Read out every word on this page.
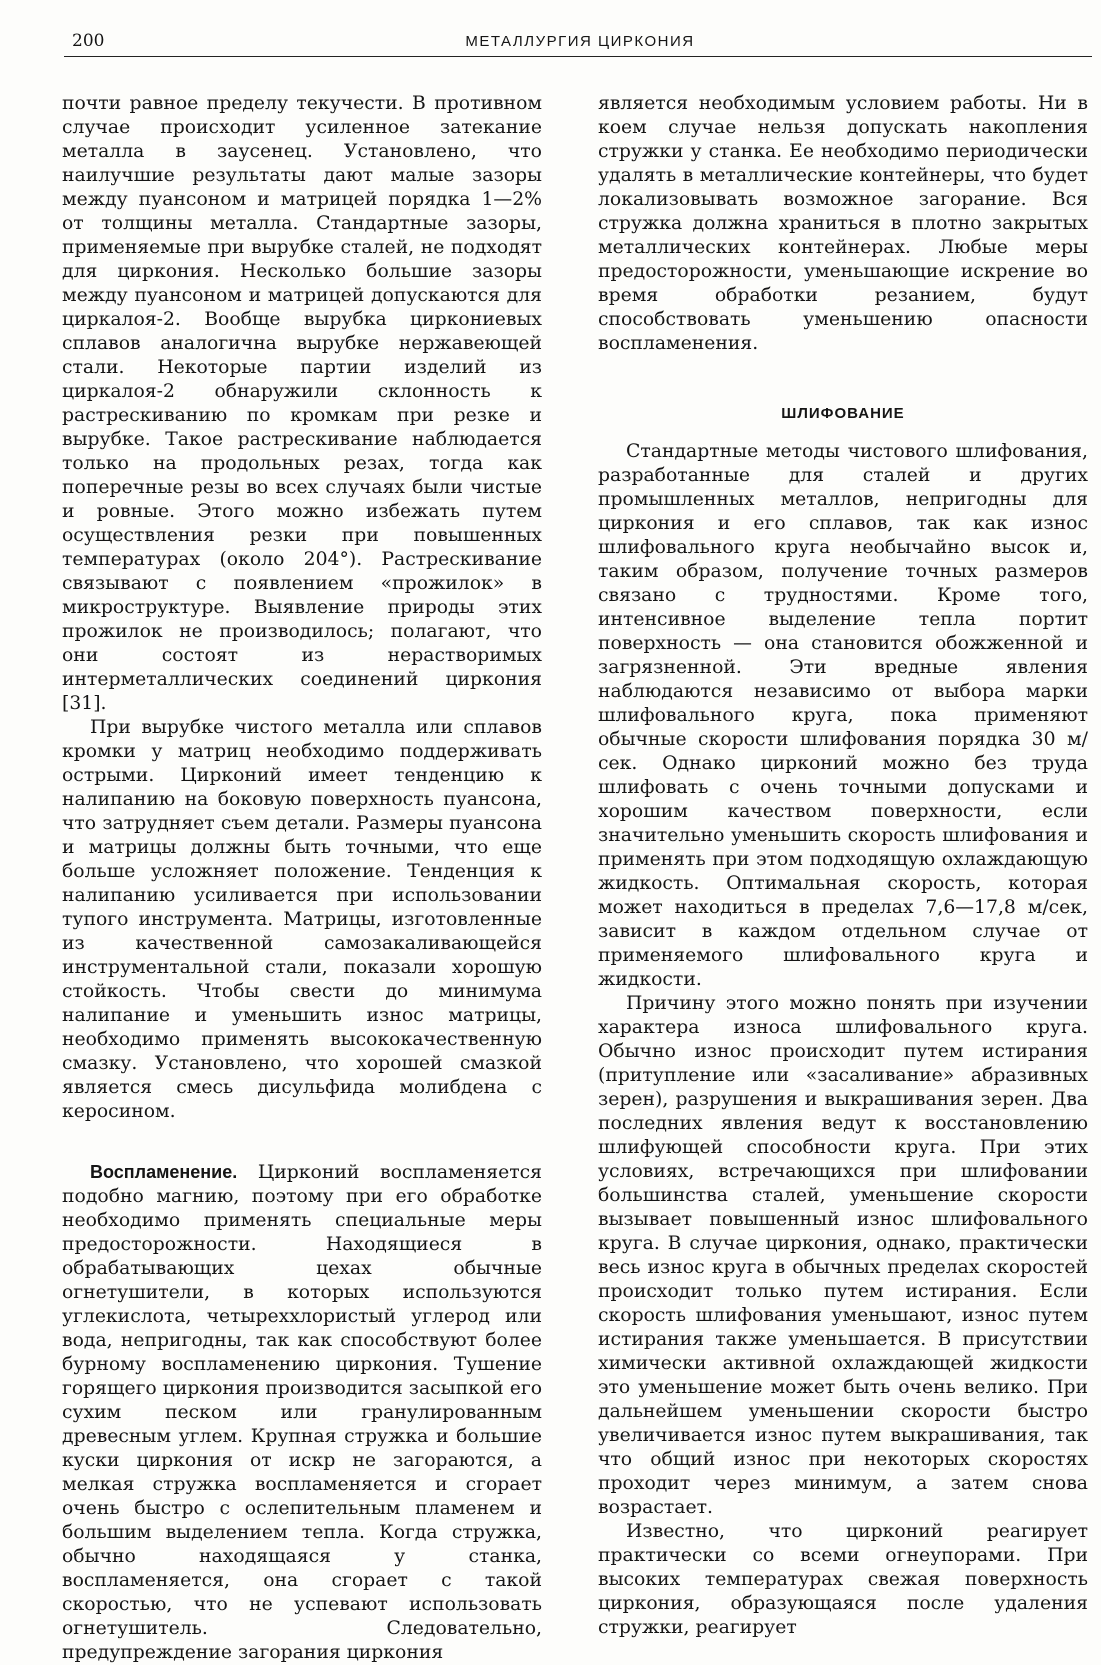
200	МЕТАЛЛУРГИЯ ЦИРКОНИЯ
почти равное пределу текучести. В противном случае происходит усиленное затекание металла в заусенец. Установлено, что наилучшие результаты дают малые зазоры между пуансоном и матрицей порядка 1—2% от толщины металла. Стандартные зазоры, применяемые при вырубке сталей, не подходят для циркония. Несколько большие зазоры между пуансоном и матрицей допускаются для циркалоя-2. Вообще вырубка циркониевых сплавов аналогична вырубке нержавеющей стали. Некоторые партии изделий из циркалоя-2 обнаружили склонность к растрескиванию по кромкам при резке и вырубке. Такое растрескивание наблюдается только на продольных резах, тогда как поперечные резы во всех случаях были чистые и ровные. Этого можно избежать путем осуществления резки при повышенных температурах (около 204°). Растрескивание связывают с появлением «прожилок» в микроструктуре. Выявление природы этих прожилок не производилось; полагают, что они состоят из нерастворимых интерметаллических соединений циркония [31].
При вырубке чистого металла или сплавов кромки у матриц необходимо поддерживать острыми. Цирконий имеет тенденцию к налипанию на боковую поверхность пуансона, что затрудняет съем детали. Размеры пуансона и матрицы должны быть точными, что еще больше усложняет положение. Тенденция к налипанию усиливается при использовании тупого инструмента. Матрицы, изготовленные из качественной самозакаливающейся инструментальной стали, показали хорошую стойкость. Чтобы свести до минимума налипание и уменьшить износ матрицы, необходимо применять высококачественную смазку. Установлено, что хорошей смазкой является смесь дисульфида молибдена с керосином.
Воспламенение. Цирконий воспламеняется подобно магнию, поэтому при его обработке необходимо применять специальные меры предосторожности. Находящиеся в обрабатывающих цехах обычные огнетушители, в которых используются углекислота, четыреххлористый углерод или вода, непригодны, так как способствуют более бурному воспламенению циркония. Тушение горящего циркония производится засыпкой его сухим песком или гранулированным древесным углем. Крупная стружка и большие куски циркония от искр не загораются, а мелкая стружка воспламеняется и сгорает очень быстро с ослепительным пламенем и большим выделением тепла. Когда стружка, обычно находящаяся у станка, воспламеняется, она сгорает с такой скоростью, что не успевают использовать огнетушитель. Следовательно, предупреждение загорания циркония
является необходимым условием работы. Ни в коем случае нельзя допускать накопления стружки у станка. Ее необходимо периодически удалять в металлические контейнеры, что будет локализовывать возможное загорание. Вся стружка должна храниться в плотно закрытых металлических контейнерах. Любые меры предосторожности, уменьшающие искрение во время обработки резанием, будут способствовать уменьшению опасности воспламенения.
ШЛИФОВАНИЕ
Стандартные методы чистового шлифования, разработанные для сталей и других промышленных металлов, непригодны для циркония и его сплавов, так как износ шлифовального круга необычайно высок и, таким образом, получение точных размеров связано с трудностями. Кроме того, интенсивное выделение тепла портит поверхность — она становится обожженной и загрязненной. Эти вредные явления наблюдаются независимо от выбора марки шлифовального круга, пока применяют обычные скорости шлифования порядка 30 м/сек. Однако цирконий можно без труда шлифовать с очень точными допусками и хорошим качеством поверхности, если значительно уменьшить скорость шлифования и применять при этом подходящую охлаждающую жидкость. Оптимальная скорость, которая может находиться в пределах 7,6—17,8 м/сек, зависит в каждом отдельном случае от применяемого шлифовального круга и жидкости.
Причину этого можно понять при изучении характера износа шлифовального круга. Обычно износ происходит путем истирания (притупление или «засаливание» абразивных зерен), разрушения и выкрашивания зерен. Два последних явления ведут к восстановлению шлифующей способности круга. При этих условиях, встречающихся при шлифовании большинства сталей, уменьшение скорости вызывает повышенный износ шлифовального круга. В случае циркония, однако, практически весь износ круга в обычных пределах скоростей происходит только путем истирания. Если скорость шлифования уменьшают, износ путем истирания также уменьшается. В присутствии химически активной охлаждающей жидкости это уменьшение может быть очень велико. При дальнейшем уменьшении скорости быстро увеличивается износ путем выкрашивания, так что общий износ при некоторых скоростях проходит через минимум, а затем снова возрастает.
Известно, что цирконий реагирует практически со всеми огнеупорами. При высоких температурах свежая поверхность циркония, образующаяся после удаления стружки, реагирует
